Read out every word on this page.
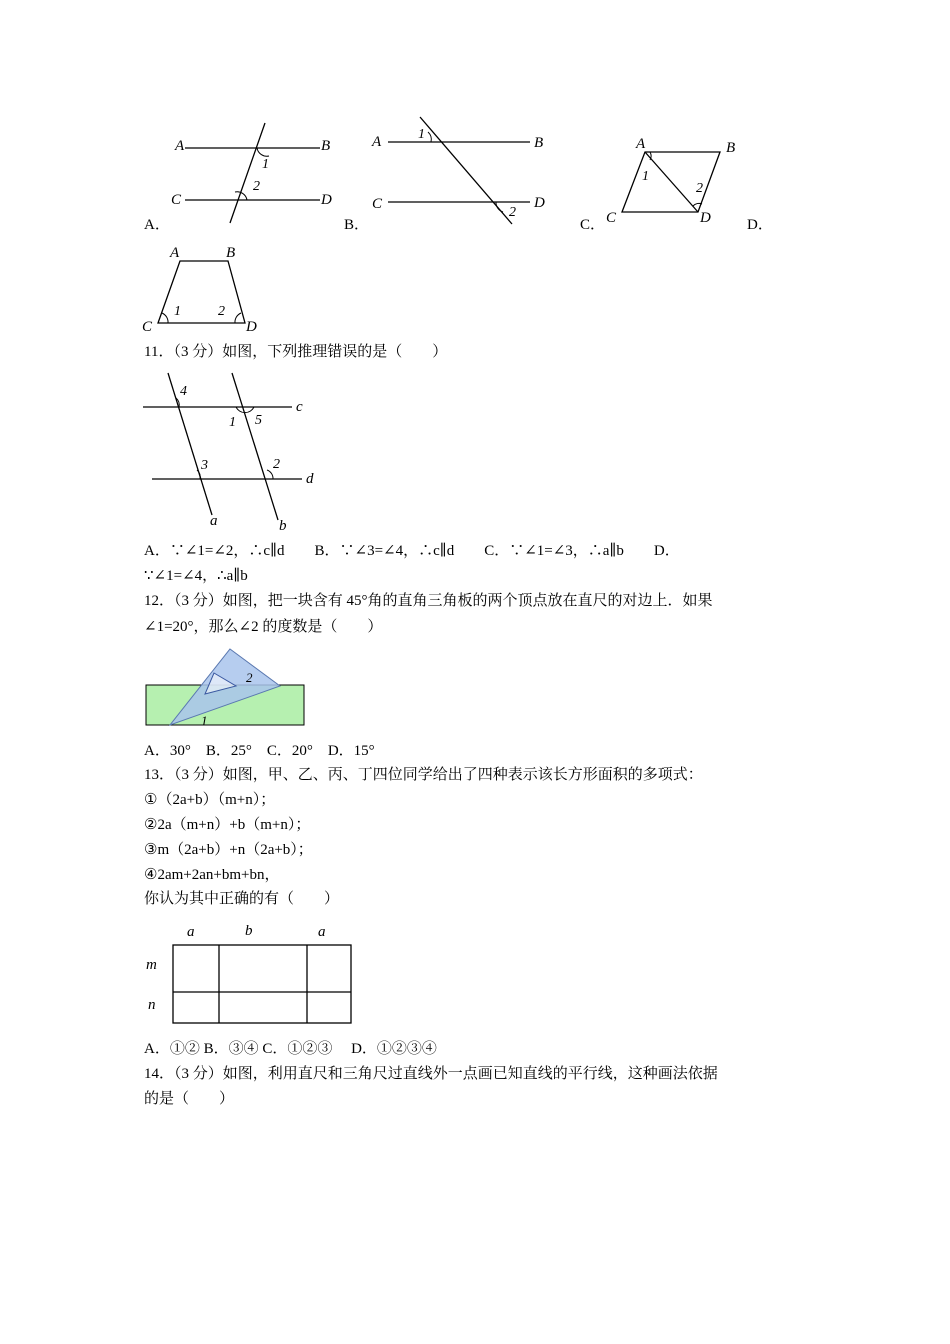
A	B
C	D
1
2
A．
A	B
C	D
1
2
B．
A	B
C	D
1
2
C．	D．
A	B
C	D
1	2
11．（3 分）如图，下列推理错误的是（　　）
c
d
a	b
1
2
3
4
5
A．∵∠1=∠2，∴c∥d　　B．∵∠3=∠4，∴c∥d　　C．∵∠1=∠3，∴a∥b　　D．
∵∠1=∠4，∴a∥b
12．（3 分）如图，把一块含有 45°角的直角三角板的两个顶点放在直尺的对边上．如果
∠1=20°，那么∠2 的度数是（　　）
2
1
A．30°　B．25°　C．20°　D．15°
13．（3 分）如图，甲、乙、丙、丁四位同学给出了四种表示该长方形面积的多项式：
①（2a+b）（m+n）；
②2a（m+n）+b（m+n）；
③m（2a+b）+n（2a+b）；
④2am+2an+bm+bn，
你认为其中正确的有（　　）
a	b	a
m
n
A．①② B．③④ C．①②③　 D．①②③④
14．（3 分）如图，利用直尺和三角尺过直线外一点画已知直线的平行线，这种画法依据
的是（　　）
